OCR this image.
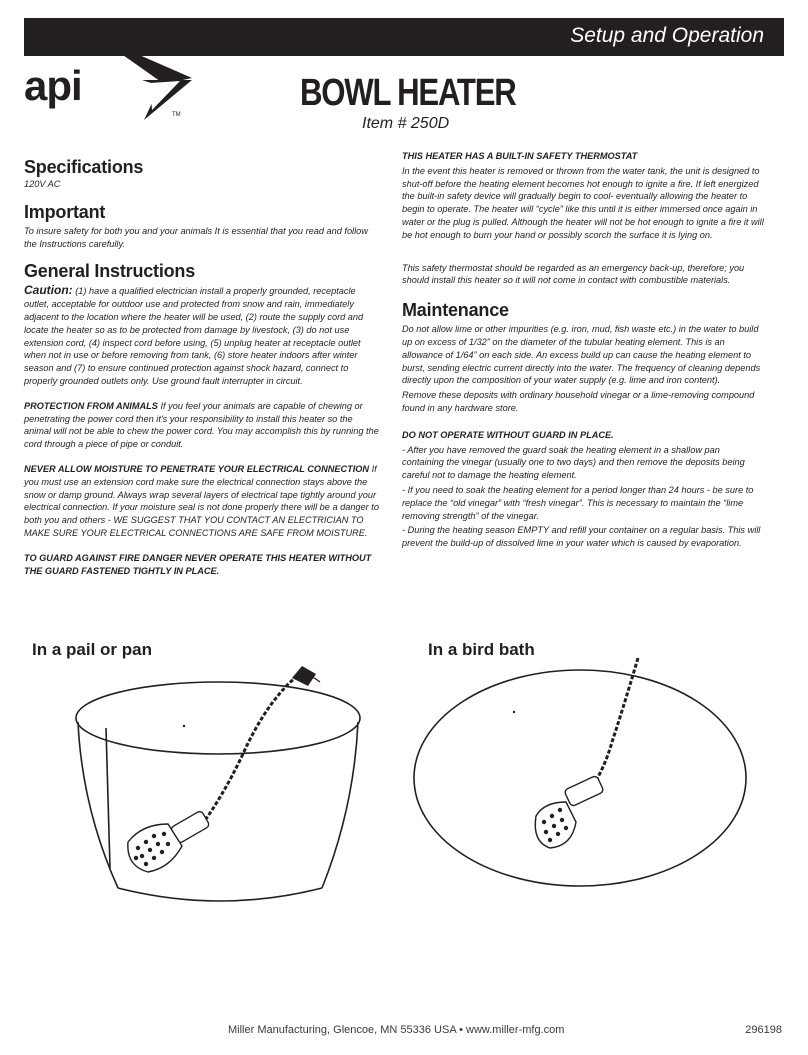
Setup and Operation
api
TM
BOWL HEATER
Item # 250D
Specifications
120V AC
Important
To insure safety for both you and your animals It is essential that you read and follow the Instructions carefully.
General Instructions
Caution: (1) have a qualified electrician install a properly grounded, receptacle outlet, acceptable for outdoor use and protected from snow and rain, immediately adjacent to the location where the heater will be used, (2) route the supply cord and locate the heater so as to be protected from damage by livestock, (3) do not use extension cord, (4) inspect cord before using, (5) unplug heater at receptacle outlet when not in use or before removing from tank, (6) store heater indoors after winter season and (7) to ensure continued protection against shock hazard, connect to properly grounded outlets only. Use ground fault interrupter in circuit.
PROTECTION FROM ANIMALS If you feel your animals are capable of chewing or penetrating the power cord then it's your responsibility to install this heater so the animal will not be able to chew the power cord. You may accomplish this by running the cord through a piece of pipe or conduit.
NEVER ALLOW MOISTURE TO PENETRATE YOUR ELECTRICAL CONNECTION If you must use an extension cord make sure the electrical connection stays above the snow or damp ground. Always wrap several layers of electrical tape tightly around your electrical connection. If your moisture seal is not done properly there will be a danger to both you and others - WE SUGGEST THAT YOU CONTACT AN ELECTRICIAN TO MAKE SURE YOUR ELECTRICAL CONNECTIONS ARE SAFE FROM MOISTURE.
TO GUARD AGAINST FIRE DANGER NEVER OPERATE THIS HEATER WITHOUT THE GUARD FASTENED TIGHTLY IN PLACE.
THIS HEATER HAS A BUILT-IN SAFETY THERMOSTAT
In the event this heater is removed or thrown from the water tank, the unit is designed to shut-off before the heating element becomes hot enough to ignite a fire. If left energized the built-in safety device will gradually begin to cool- eventually allowing the heater to begin to operate. The heater will “cycle” like this until it is either immersed once again in water or the plug is pulled. Although the heater will not be hot enough to ignite a fire it will be hot enough to burn your hand or possibly scorch the surface it is lying on.
This safety thermostat should be regarded as an emergency back-up, therefore; you should install this heater so it will not come in contact with combustible materials.
Maintenance
Do not allow lime or other impurities (e.g. iron, mud, fish waste etc.) in the water to build up on excess of 1/32” on the diameter of the tubular heating element. This is an allowance of 1/64” on each side. An excess build up can cause the heating element to burst, sending electric current directly into the water. The frequency of cleaning depends directly upon the composition of your water supply (e.g. lime and iron content).
Remove these deposits with ordinary household vinegar or a lime-removing compound found in any hardware store.
DO NOT OPERATE WITHOUT GUARD IN PLACE.
- After you have removed the guard soak the heating element in a shallow pan containing the vinegar (usually one to two days) and then remove the deposits being careful not to damage the heating element.
- If you need to soak the heating element for a period longer than 24 hours - be sure to replace the “old vinegar” with “fresh vinegar”. This is necessary to maintain the “lime removing strength” of the vinegar.
- During the heating season EMPTY and refill your container on a regular basis. This will prevent the build-up of dissolved lime in your water which is caused by evaporation.
In a pail or pan	In a bird bath
Miller Manufacturing, Glencoe, MN 55336 USA • www.miller-mfg.com	296198
